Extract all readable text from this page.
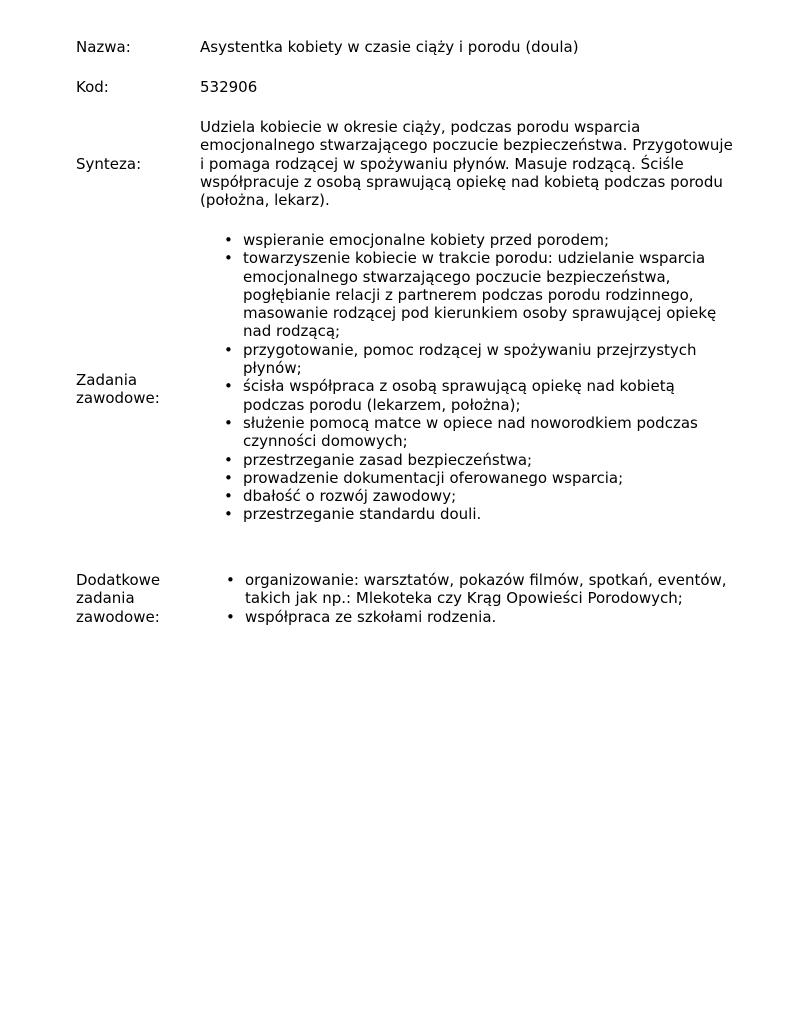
Nazwa:	Asystentka kobiety w czasie ciąży i porodu (doula)
Kod:	532906
Synteza:
Udziela kobiecie w okresie ciąży, podczas porodu wsparcia
emocjonalnego stwarzającego poczucie bezpieczeństwa. Przygotowuje
i pomaga rodzącej w spożywaniu płynów. Masuje rodzącą. Ściśle
współpracuje z osobą sprawującą opiekę nad kobietą podczas porodu
(położna, lekarz).
Zadania
zawodowe:
• wspieranie emocjonalne kobiety przed porodem;
• towarzyszenie kobiecie w trakcie porodu: udzielanie wsparcia
emocjonalnego stwarzającego poczucie bezpieczeństwa,
pogłębianie relacji z partnerem podczas porodu rodzinnego,
masowanie rodzącej pod kierunkiem osoby sprawującej opiekę
nad rodzącą;
• przygotowanie, pomoc rodzącej w spożywaniu przejrzystych
płynów;
• ścisła współpraca z osobą sprawującą opiekę nad kobietą
podczas porodu (lekarzem, położna);
• służenie pomocą matce w opiece nad noworodkiem podczas
czynności domowych;
• przestrzeganie zasad bezpieczeństwa;
• prowadzenie dokumentacji oferowanego wsparcia;
• dbałość o rozwój zawodowy;
• przestrzeganie standardu douli.
Dodatkowe
zadania
zawodowe:
• organizowanie: warsztatów, pokazów filmów, spotkań, eventów,
takich jak np.: Mlekoteka czy Krąg Opowieści Porodowych;
• współpraca ze szkołami rodzenia.
